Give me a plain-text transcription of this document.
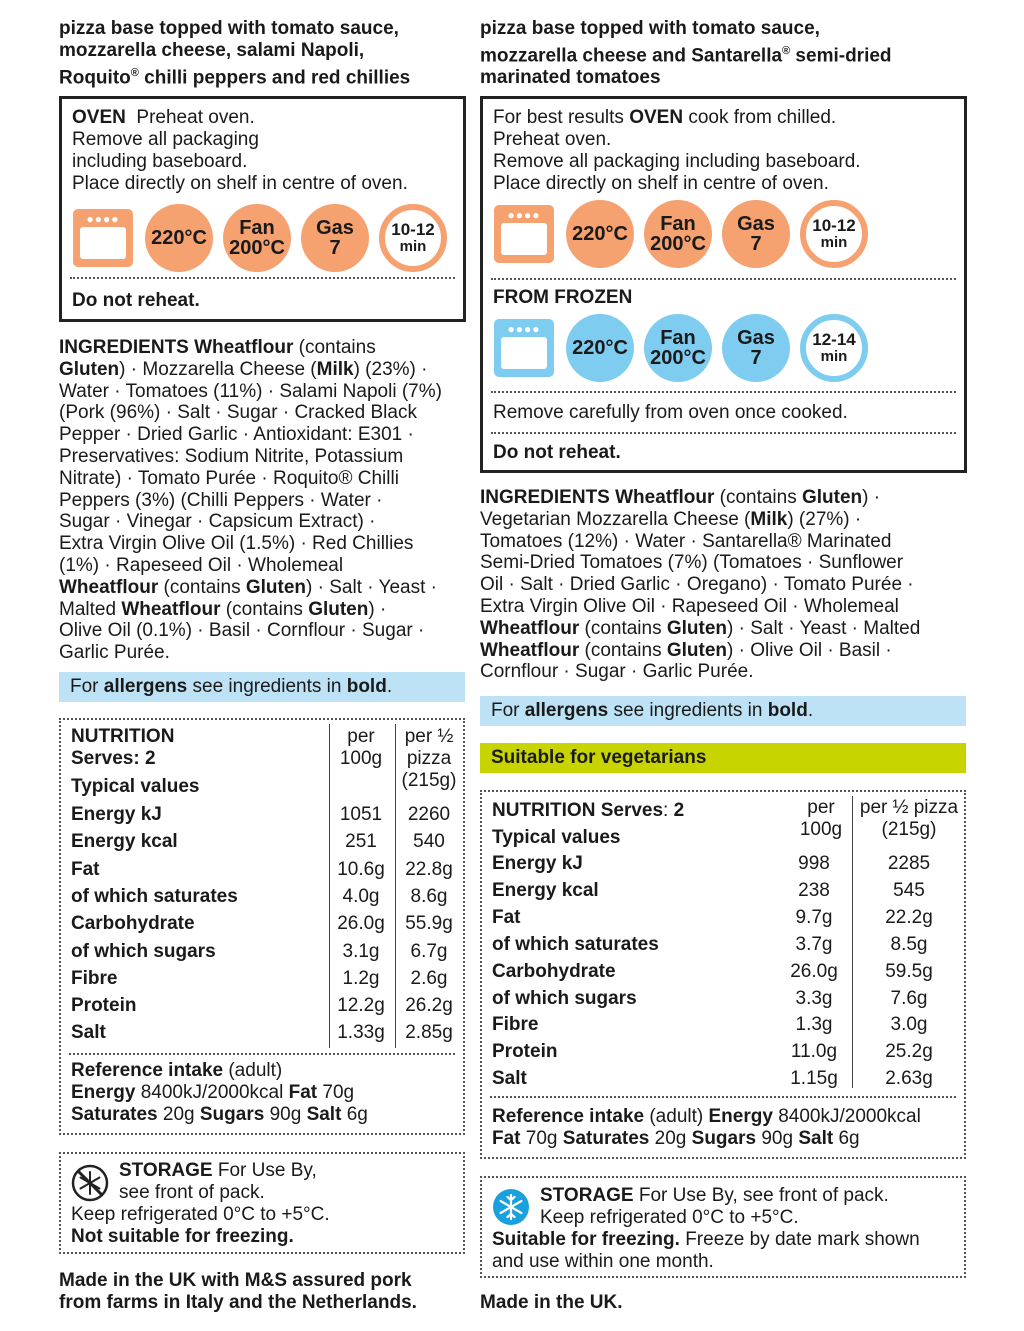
pizza base topped with tomato sauce,
mozzarella cheese, salami Napoli,
Roquito® chilli peppers and red chillies
OVEN Preheat oven.
Remove all packaging
including baseboard.
Place directly on shelf in centre of oven.
●●●●
220°C Fan
200°C
Gas
7
10-12
min
Do not reheat.
INGREDIENTS Wheatflour (contains
Gluten) · Mozzarella Cheese (Milk) (23%) ·
Water · Tomatoes (11%) · Salami Napoli (7%)
(Pork (96%) · Salt · Sugar · Cracked Black
Pepper · Dried Garlic · Antioxidant: E301 ·
Preservatives: Sodium Nitrite, Potassium
Nitrate) · Tomato Purée · Roquito® Chilli
Peppers (3%) (Chilli Peppers · Water ·
Sugar · Vinegar · Capsicum Extract) ·
Extra Virgin Olive Oil (1.5%) · Red Chillies
(1%) · Rapeseed Oil · Wholemeal
Wheatflour (contains Gluten) · Salt · Yeast ·
Malted Wheatflour (contains Gluten) ·
Olive Oil (0.1%) · Basil · Cornflour · Sugar ·
Garlic Purée.
For allergens see ingredients in bold.
NUTRITION
Serves: 2
Typical values
per
100g
per ½
pizza
(215g)
Energy kJ	1051	2260
Energy kcal	251	540
Fat	10.6g	22.8g
of which saturates	4.0g	8.6g
Carbohydrate	26.0g	55.9g
of which sugars	3.1g	6.7g
Fibre	1.2g	2.6g
Protein	12.2g	26.2g
Salt	1.33g	2.85g
Reference intake (adult)
Energy 8400kJ/2000kcal Fat 70g
Saturates 20g Sugars 90g Salt 6g
STORAGE For Use By,
see front of pack.
Keep refrigerated 0°C to +5°C.
Not suitable for freezing.
Made in the UK with M&S assured pork
from farms in Italy and the Netherlands.
pizza base topped with tomato sauce,
mozzarella cheese and Santarella® semi-dried
marinated tomatoes
For best results OVEN cook from chilled.
Preheat oven.
Remove all packaging including baseboard.
Place directly on shelf in centre of oven.
●●●●
220°C Fan
200°C
Gas
7
10-12
min
FROM FROZEN
●●●●
220°C Fan
200°C
Gas
7
12-14
min
Remove carefully from oven once cooked.
Do not reheat.
INGREDIENTS Wheatflour (contains Gluten) ·
Vegetarian Mozzarella Cheese (Milk) (27%) ·
Tomatoes (12%) · Water · Santarella® Marinated
Semi-Dried Tomatoes (7%) (Tomatoes · Sunflower
Oil · Salt · Dried Garlic · Oregano) · Tomato Purée ·
Extra Virgin Olive Oil · Rapeseed Oil · Wholemeal
Wheatflour (contains Gluten) · Salt · Yeast · Malted
Wheatflour (contains Gluten) · Olive Oil · Basil ·
Cornflour · Sugar · Garlic Purée.
For allergens see ingredients in bold.
Suitable for vegetarians
NUTRITION Serves: 2
Typical values
per
100g
per ½ pizza
(215g)
Energy kJ	998	2285
Energy kcal	238	545
Fat	9.7g	22.2g
of which saturates	3.7g	8.5g
Carbohydrate	26.0g	59.5g
of which sugars	3.3g	7.6g
Fibre	1.3g	3.0g
Protein	11.0g	25.2g
Salt	1.15g	2.63g
Reference intake (adult) Energy 8400kJ/2000kcal
Fat 70g Saturates 20g Sugars 90g Salt 6g
STORAGE For Use By, see front of pack.
Keep refrigerated 0°C to +5°C.
Suitable for freezing. Freeze by date mark shown
and use within one month.
Made in the UK.
